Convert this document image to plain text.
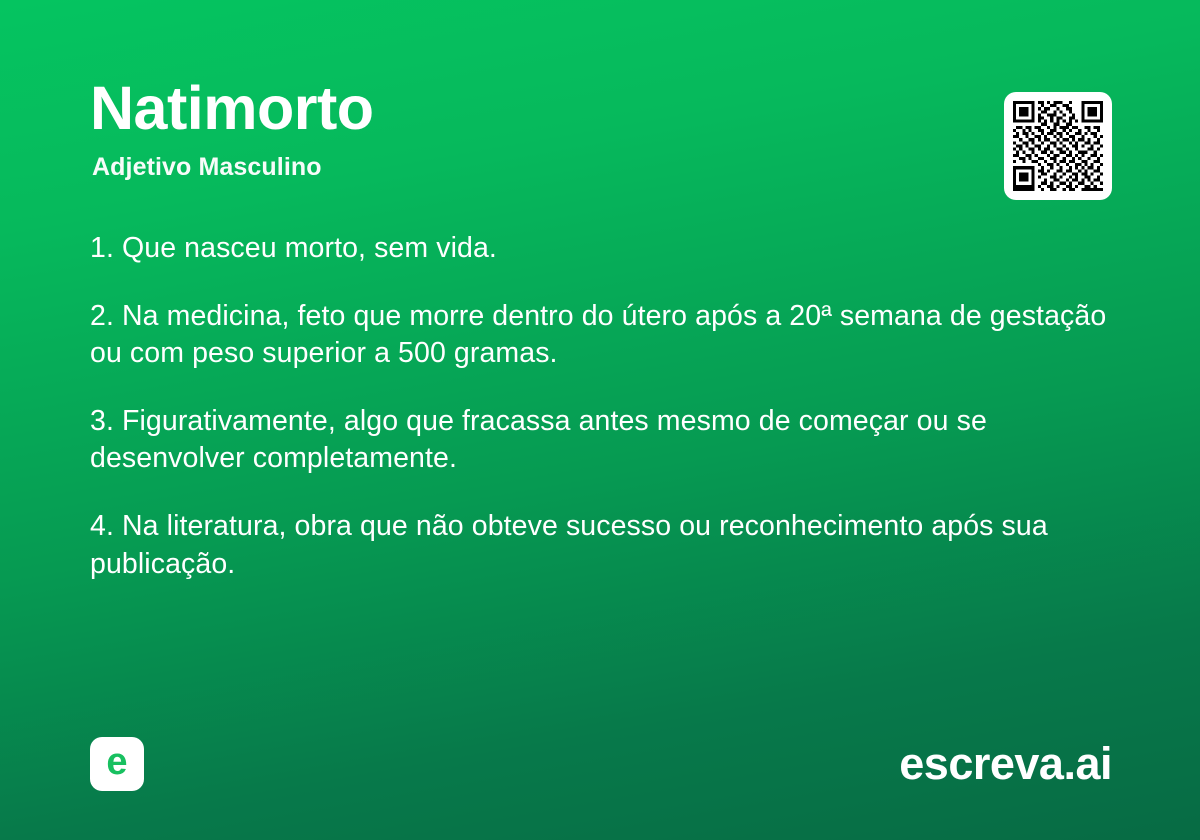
Natimorto
Adjetivo Masculino

1. Que nasceu morto, sem vida.

2. Na medicina, feto que morre dentro do útero após a 20ª semana de gestação ou com peso superior a 500 gramas.

3. Figurativamente, algo que fracassa antes mesmo de começar ou se desenvolver completamente.

4. Na literatura, obra que não obteve sucesso ou reconhecimento após sua publicação.

e	escreva.ai
